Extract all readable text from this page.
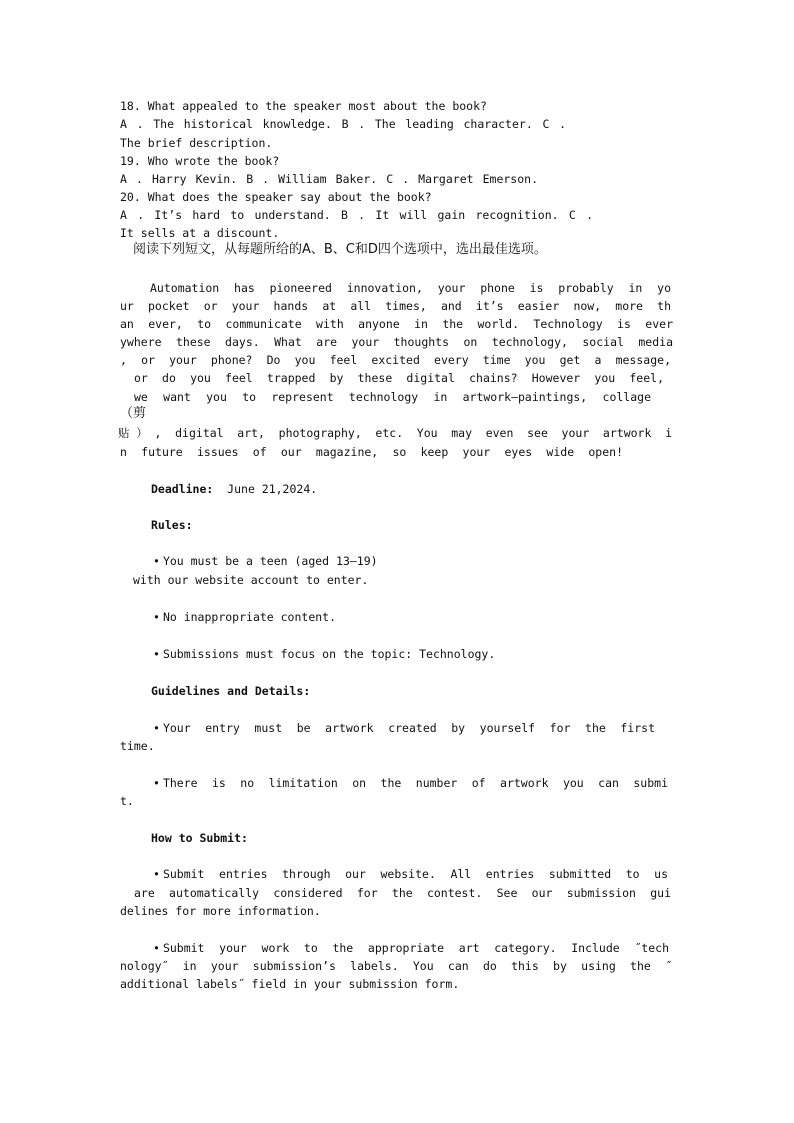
18. What appealed to the speaker most about the book?
A . The historical knowledge. B . The leading character. C .
The brief description.
19. Who wrote the book?
A . Harry Kevin. B . William Baker. C . Margaret Emerson.
20. What does the speaker say about the book?
A . It’s hard to understand. B . It will gain recognition. C .
It sells at a discount.
阅读下列短文，从每题所给的A、B、C和D四个选项中，选出最佳选项。
Automation has pioneered innovation, your phone is probably in yo
ur pocket or your hands at all times, and it’s easier now, more th
an ever, to communicate with anyone in the world. Technology is ever
ywhere these days. What are your thoughts on technology, social media
, or your phone? Do you feel excited every time you get a message,
or do you feel trapped by these digital chains? However you feel,
we want you to represent technology in artwork—paintings, collage
（剪
贴）, digital art, photography, etc. You may even see your artwork i
n future issues of our magazine, so keep your eyes wide open!
Deadline: June 21,2024.
Rules:
• You must be a teen (aged 13—19)
with our website account to enter.
• No inappropriate content.
• Submissions must focus on the topic: Technology.
Guidelines and Details:
• Your entry must be artwork created by yourself for the first
time.
• There is no limitation on the number of artwork you can submi
t.
How to Submit:
• Submit entries through our website. All entries submitted to us
are automatically considered for the contest. See our submission gui
delines for more information.
• Submit your work to the appropriate art category. Include ˝tech
nology˝ in your submission’s labels. You can do this by using the ˝
additional labels˝ field in your submission form.
